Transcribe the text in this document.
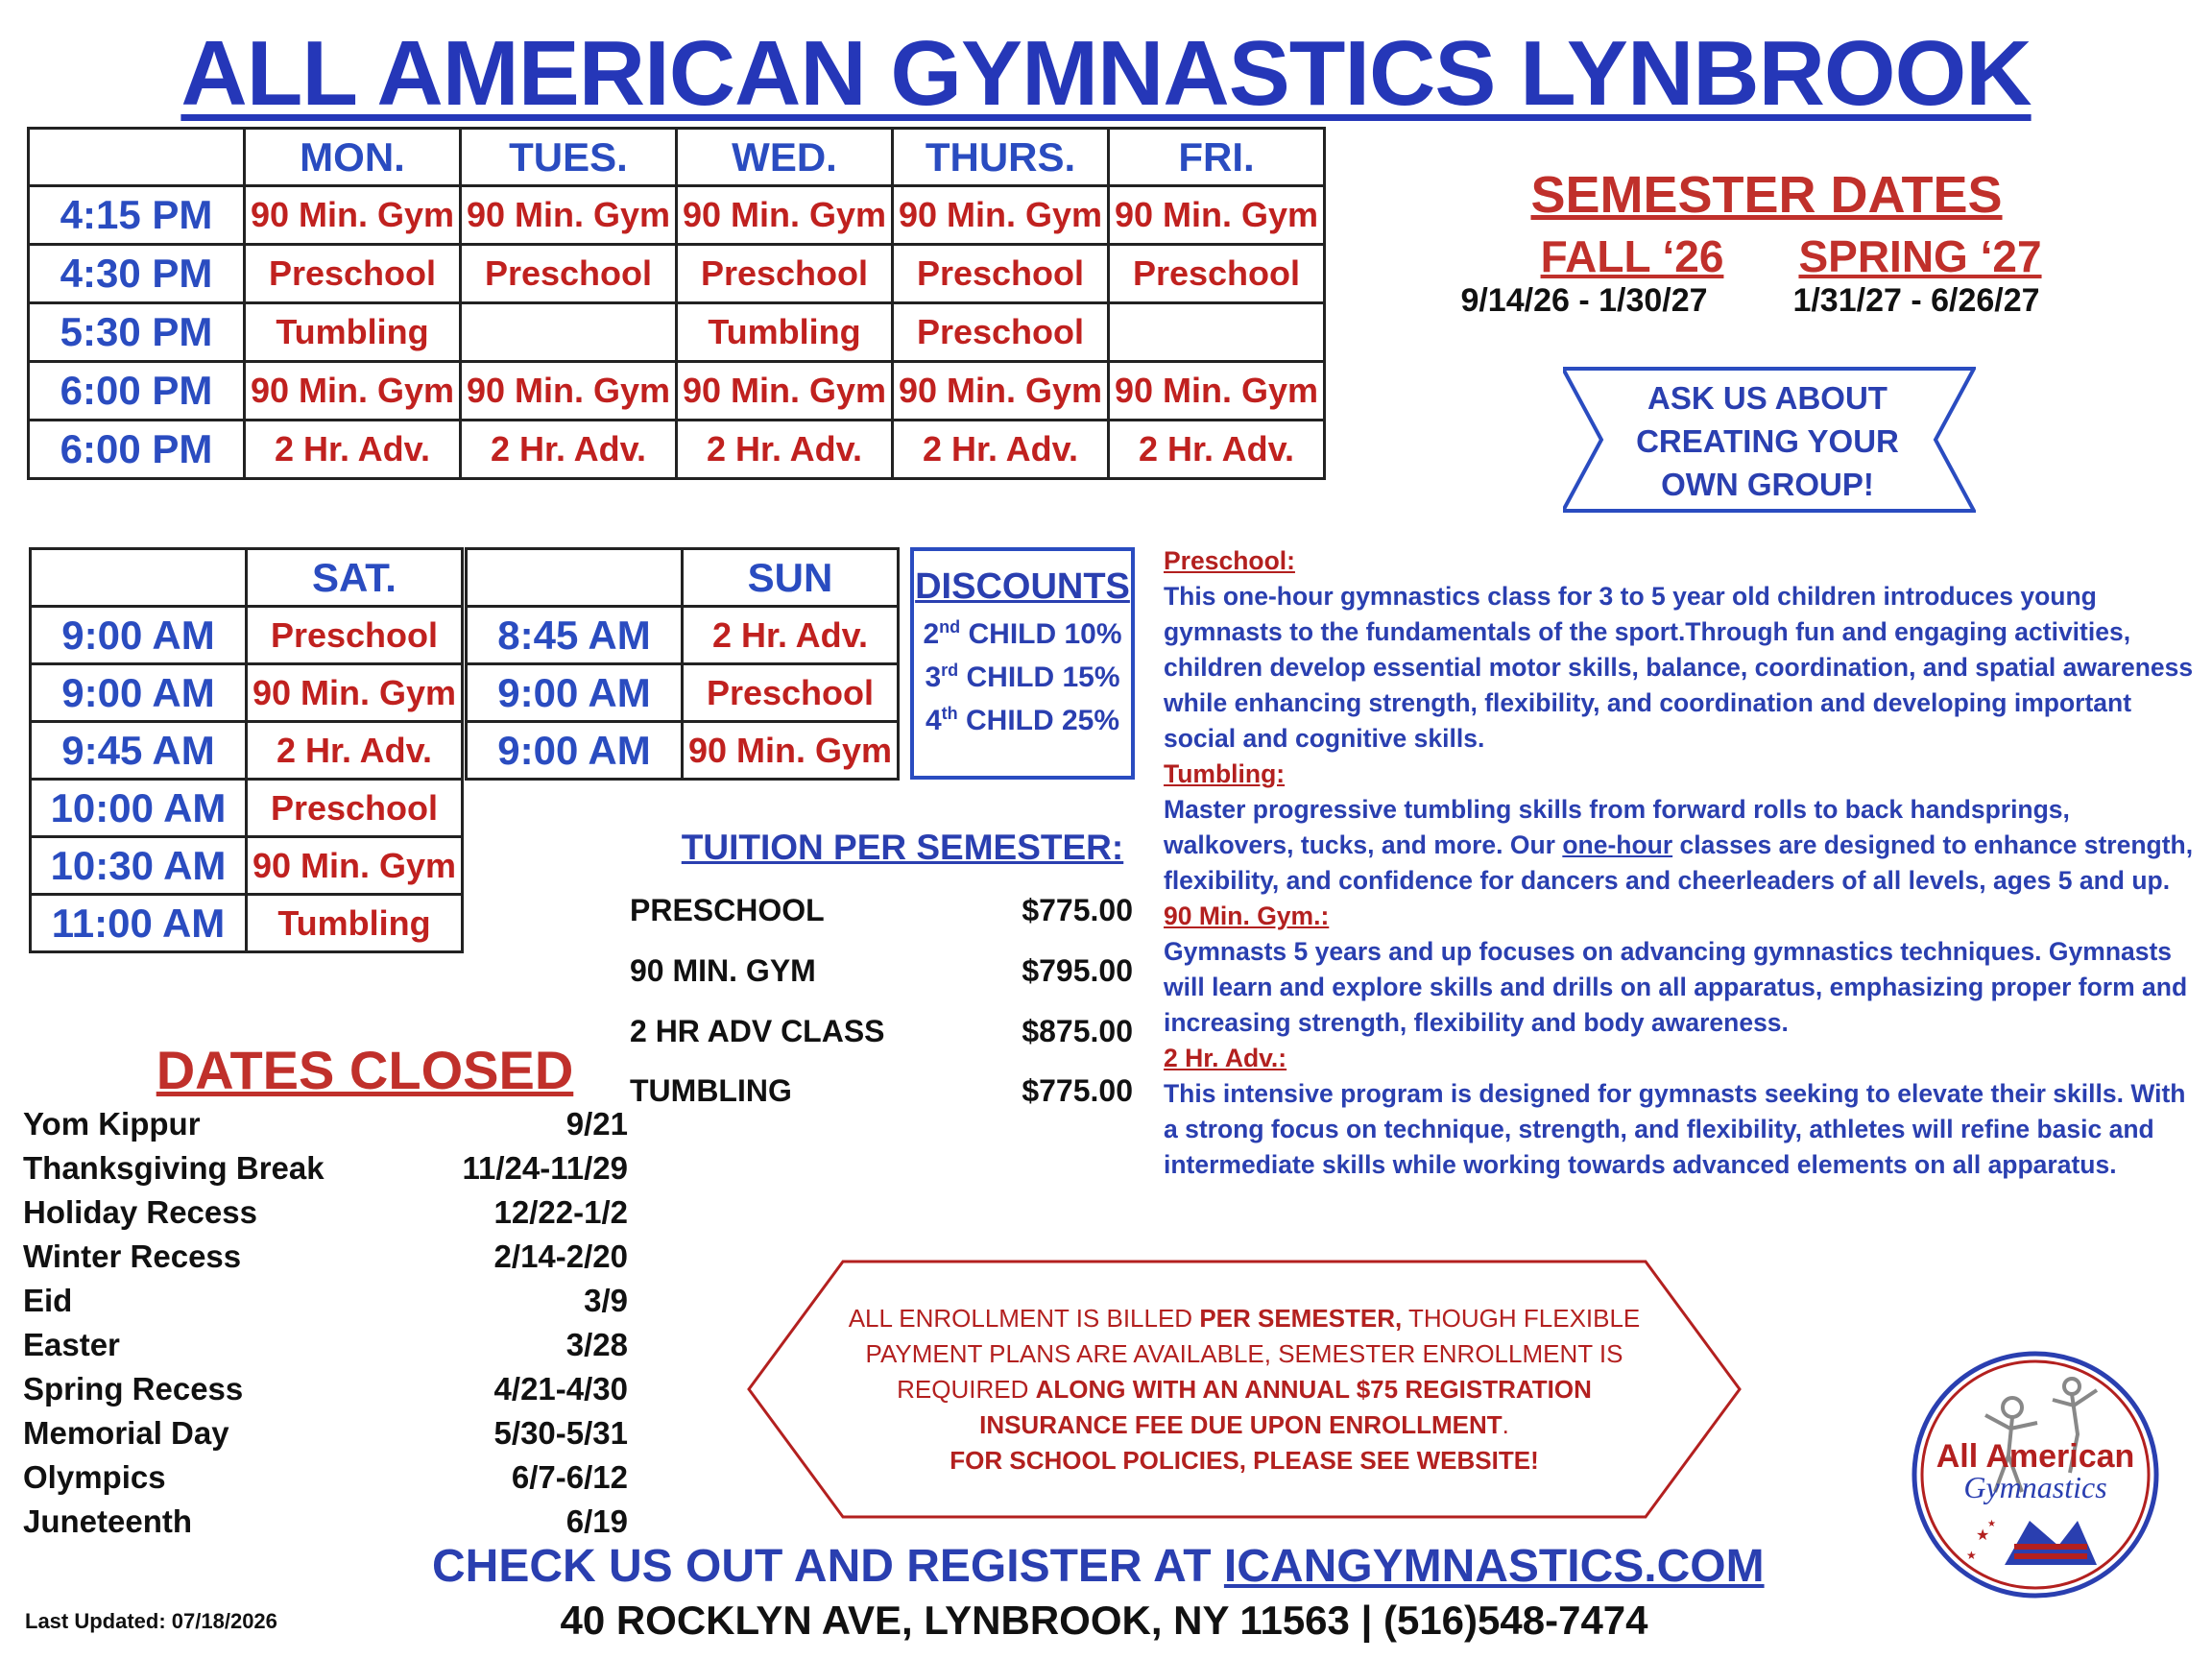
ALL AMERICAN GYMNASTICS LYNBROOK
	MON.	TUES.	WED.	THURS.	FRI.
4:15 PM	90 Min. Gym	90 Min. Gym	90 Min. Gym	90 Min. Gym	90 Min. Gym
4:30 PM	Preschool	Preschool	Preschool	Preschool	Preschool
5:30 PM	Tumbling		Tumbling	Preschool	
6:00 PM	90 Min. Gym	90 Min. Gym	90 Min. Gym	90 Min. Gym	90 Min. Gym
6:00 PM	2 Hr. Adv.	2 Hr. Adv.	2 Hr. Adv.	2 Hr. Adv.	2 Hr. Adv.
	SAT.
9:00 AM	Preschool
9:00 AM	90 Min. Gym
9:45 AM	2 Hr. Adv.
10:00 AM	Preschool
10:30 AM	90 Min. Gym
11:00 AM	Tumbling
	SUN
8:45 AM	2 Hr. Adv.
9:00 AM	Preschool
9:00 AM	90 Min. Gym
SEMESTER DATES
FALL ‘26	SPRING ‘27
9/14/26 - 1/30/27	1/31/27 - 6/26/27
ASK US ABOUT
CREATING YOUR
OWN GROUP!
DISCOUNTS
2nd CHILD 10%
3rd CHILD 15%
4th CHILD 25%
Preschool:
This one-hour gymnastics class for 3 to 5 year old children introduces young gymnasts to the fundamentals of the sport.Through fun and engaging activities, children develop essential motor skills, balance, coordination, and spatial awareness while enhancing strength, flexibility, and coordination and developing important social and cognitive skills.
Tumbling:
Master progressive tumbling skills from forward rolls to back handsprings, walkovers, tucks, and more. Our one-hour classes are designed to enhance strength, flexibility, and confidence for dancers and cheerleaders of all levels, ages 5 and up.
90 Min. Gym.:
Gymnasts 5 years and up focuses on advancing gymnastics techniques. Gymnasts will learn and explore skills and drills on all apparatus, emphasizing proper form and increasing strength, flexibility and body awareness.
2 Hr. Adv.:
This intensive program is designed for gymnasts seeking to elevate their skills. With a strong focus on technique, strength, and flexibility, athletes will refine basic and intermediate skills while working towards advanced elements on all apparatus.
TUITION PER SEMESTER:
PRESCHOOL	$775.00
90 MIN. GYM	$795.00
2 HR ADV CLASS	$875.00
TUMBLING	$775.00
DATES CLOSED
Yom Kippur	9/21
Thanksgiving Break	11/24-11/29
Holiday Recess	12/22-1/2
Winter Recess	2/14-2/20
Eid	3/9
Easter	3/28
Spring Recess	4/21-4/30
Memorial Day	5/30-5/31
Olympics	6/7-6/12
Juneteenth	6/19
ALL ENROLLMENT IS BILLED PER SEMESTER, THOUGH FLEXIBLE PAYMENT PLANS ARE AVAILABLE, SEMESTER ENROLLMENT IS REQUIRED ALONG WITH AN ANNUAL $75 REGISTRATION INSURANCE FEE DUE UPON ENROLLMENT.
FOR SCHOOL POLICIES, PLEASE SEE WEBSITE!	All American
Gymnastics
★
★
★
CHECK US OUT AND REGISTER AT ICANGYMNASTICS.COM
40 ROCKLYN AVE, LYNBROOK, NY 11563 | (516)548-7474
Last Updated: 07/18/2026
